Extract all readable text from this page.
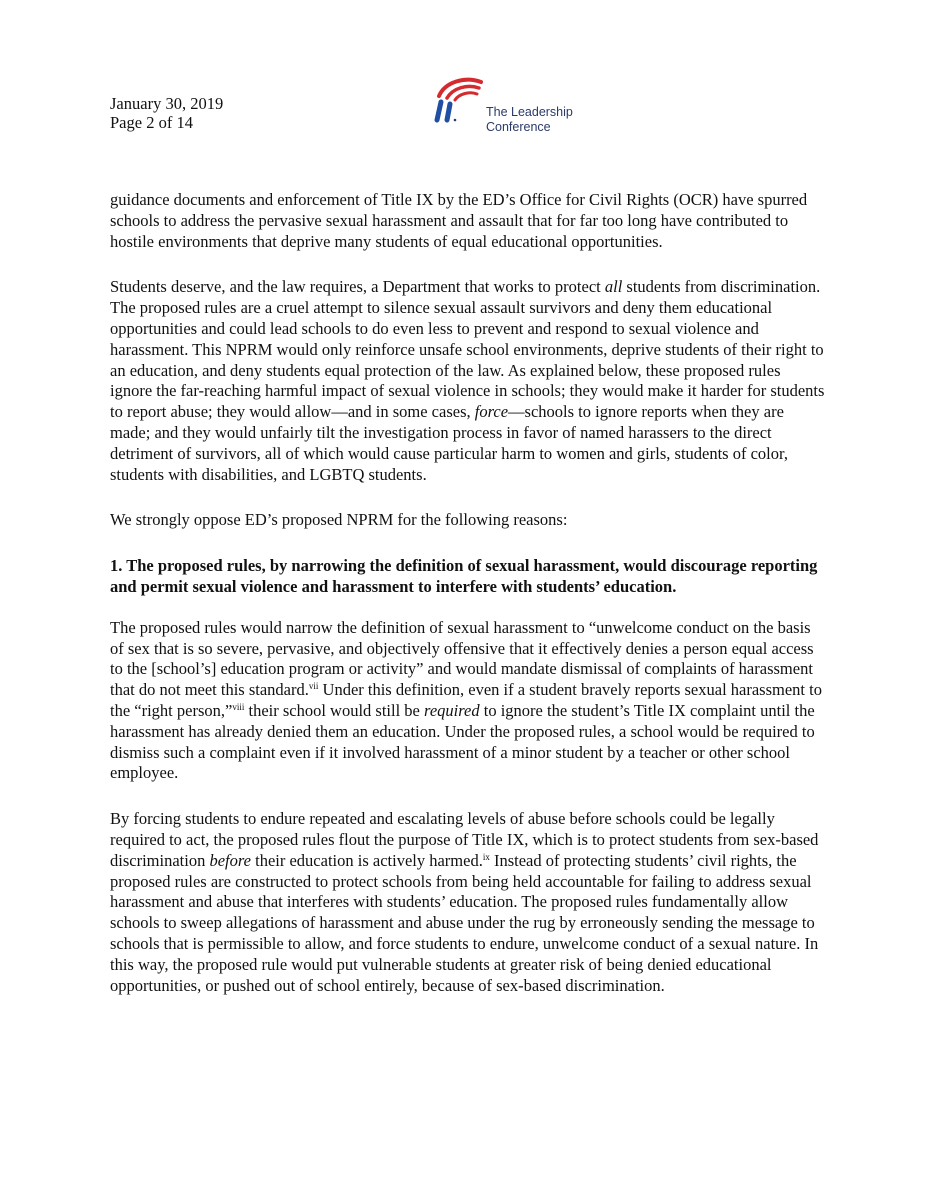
January 30, 2019
Page 2 of 14
The Leadership
Conference

guidance documents and enforcement of Title IX by the ED’s Office for Civil Rights (OCR) have spurred schools to address the pervasive sexual harassment and assault that for far too long have contributed to hostile environments that deprive many students of equal educational opportunities.

Students deserve, and the law requires, a Department that works to protect all students from discrimination. The proposed rules are a cruel attempt to silence sexual assault survivors and deny them educational opportunities and could lead schools to do even less to prevent and respond to sexual violence and harassment. This NPRM would only reinforce unsafe school environments, deprive students of their right to an education, and deny students equal protection of the law. As explained below, these proposed rules ignore the far-reaching harmful impact of sexual violence in schools; they would make it harder for students to report abuse; they would allow—and in some cases, force—schools to ignore reports when they are made; and they would unfairly tilt the investigation process in favor of named harassers to the direct detriment of survivors, all of which would cause particular harm to women and girls, students of color, students with disabilities, and LGBTQ students.

We strongly oppose ED’s proposed NPRM for the following reasons:

1. The proposed rules, by narrowing the definition of sexual harassment, would discourage reporting and permit sexual violence and harassment to interfere with students’ education.

The proposed rules would narrow the definition of sexual harassment to “unwelcome conduct on the basis of sex that is so severe, pervasive, and objectively offensive that it effectively denies a person equal access to the [school’s] education program or activity” and would mandate dismissal of complaints of harassment that do not meet this standard.$^{vii}$ Under this definition, even if a student bravely reports sexual harassment to the “right person,”$^{viii}$ their school would still be required to ignore the student’s Title IX complaint until the harassment has already denied them an education. Under the proposed rules, a school would be required to dismiss such a complaint even if it involved harassment of a minor student by a teacher or other school employee.

By forcing students to endure repeated and escalating levels of abuse before schools could be legally required to act, the proposed rules flout the purpose of Title IX, which is to protect students from sex-based discrimination before their education is actively harmed.$^{ix}$ Instead of protecting students’ civil rights, the proposed rules are constructed to protect schools from being held accountable for failing to address sexual harassment and abuse that interferes with students’ education. The proposed rules fundamentally allow schools to sweep allegations of harassment and abuse under the rug by erroneously sending the message to schools that is permissible to allow, and force students to endure, unwelcome conduct of a sexual nature. In this way, the proposed rule would put vulnerable students at greater risk of being denied educational opportunities, or pushed out of school entirely, because of sex-based discrimination.
